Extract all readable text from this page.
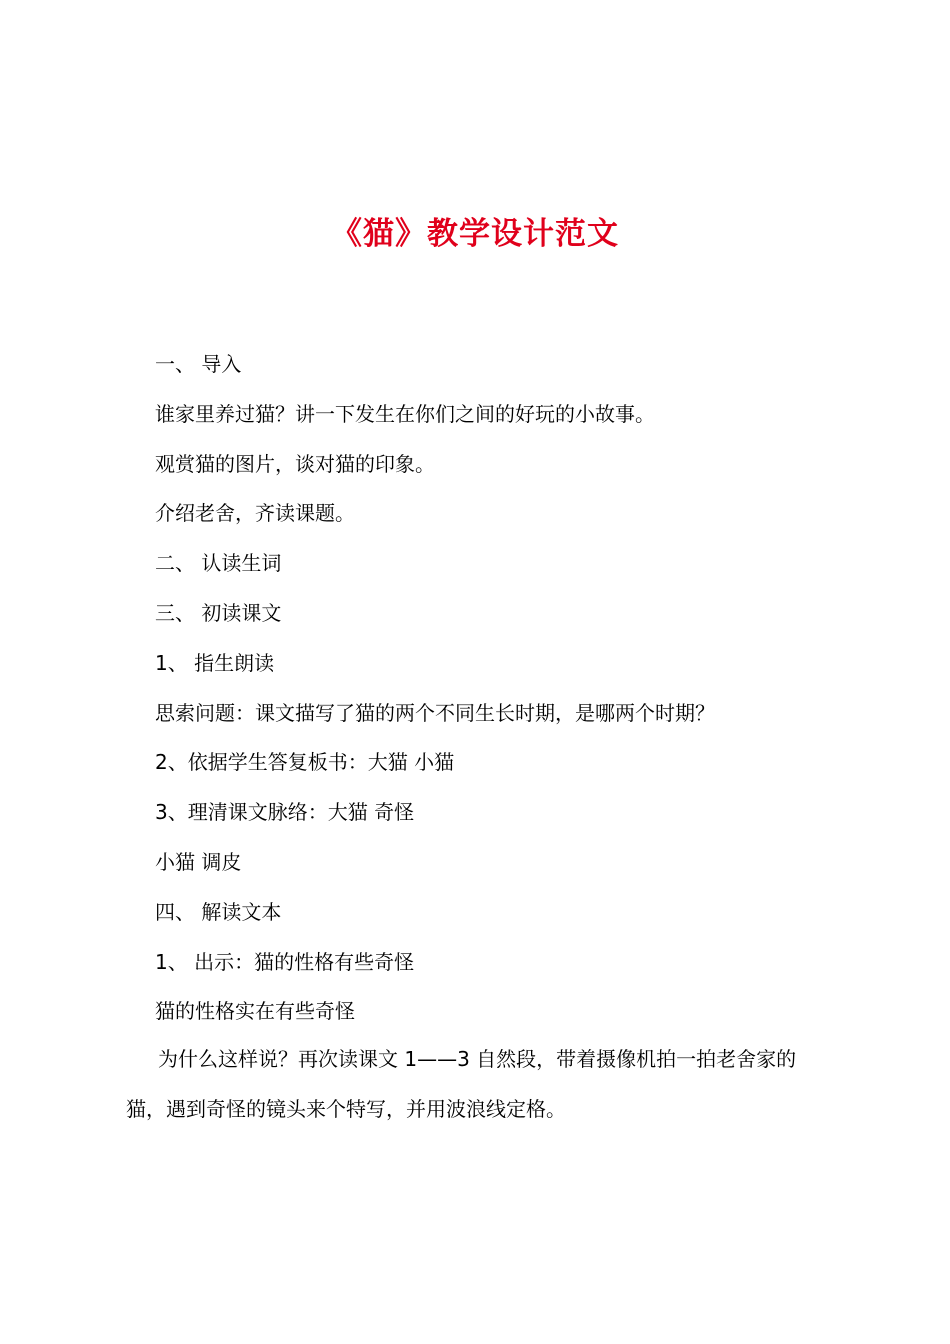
《猫》教学设计范文
一、 导入
谁家里养过猫？讲一下发生在你们之间的好玩的小故事。
观赏猫的图片，谈对猫的印象。
介绍老舍，齐读课题。
二、 认读生词
三、 初读课文
1、 指生朗读
思索问题：课文描写了猫的两个不同生长时期，是哪两个时期？
2、依据学生答复板书：大猫 小猫
3、理清课文脉络：大猫 奇怪
小猫 调皮
四、 解读文本
1、 出示：猫的性格有些奇怪
猫的性格实在有些奇怪
为什么这样说？再次读课文 1——3 自然段，带着摄像机拍一拍老舍家的猫，遇到奇怪的镜头来个特写，并用波浪线定格。
